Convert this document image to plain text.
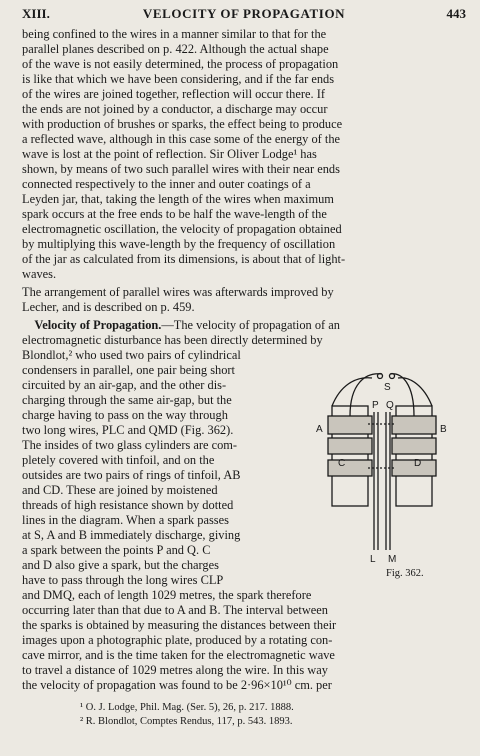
XIII.	VELOCITY OF PROPAGATION	443
being confined to the wires in a manner similar to that for the
parallel planes described on p. 422. Although the actual shape
of the wave is not easily determined, the process of propagation
is like that which we have been considering, and if the far ends
of the wires are joined together, reflection will occur there. If
the ends are not joined by a conductor, a discharge may occur
with production of brushes or sparks, the effect being to produce
a reflected wave, although in this case some of the energy of the
wave is lost at the point of reflection. Sir Oliver Lodge¹ has
shown, by means of two such parallel wires with their near ends
connected respectively to the inner and outer coatings of a
Leyden jar, that, taking the length of the wires when maximum
spark occurs at the free ends to be half the wave-length of the
electromagnetic oscillation, the velocity of propagation obtained
by multiplying this wave-length by the frequency of oscillation
of the jar as calculated from its dimensions, is about that of light-
waves.
The arrangement of parallel wires was afterwards improved by
Lecher, and is described on p. 459.
 Velocity of Propagation.—The velocity of propagation of an
electromagnetic disturbance has been directly determined by
Blondlot,² who used two pairs of cylindrical
condensers in parallel, one pair being short
circuited by an air-gap, and the other dis-
charging through the same air-gap, but the
charge having to pass on the way through
two long wires, PLC and QMD (Fig. 362).
The insides of two glass cylinders are com-
pletely covered with tinfoil, and on the
outsides are two pairs of rings of tinfoil, AB
and CD. These are joined by moistened
threads of high resistance shown by dotted
lines in the diagram. When a spark passes
at S, A and B immediately discharge, giving
a spark between the points P and Q. C
and D also give a spark, but the charges
have to pass through the long wires CLP
and DMQ, each of length 1029 metres, the spark therefore
occurring later than that due to A and B. The interval between
the sparks is obtained by measuring the distances between their
images upon a photographic plate, produced by a rotating con-
cave mirror, and is the time taken for the electromagnetic wave
to travel a distance of 1029 metres along the wire. In this way
the velocity of propagation was found to be 2·96×10¹⁰ cm. per
S
P Q
A	B
C	D
L M
Fig. 362.
¹ O. J. Lodge, Phil. Mag. (Ser. 5), 26, p. 217. 1888.
² R. Blondlot, Comptes Rendus, 117, p. 543. 1893.
